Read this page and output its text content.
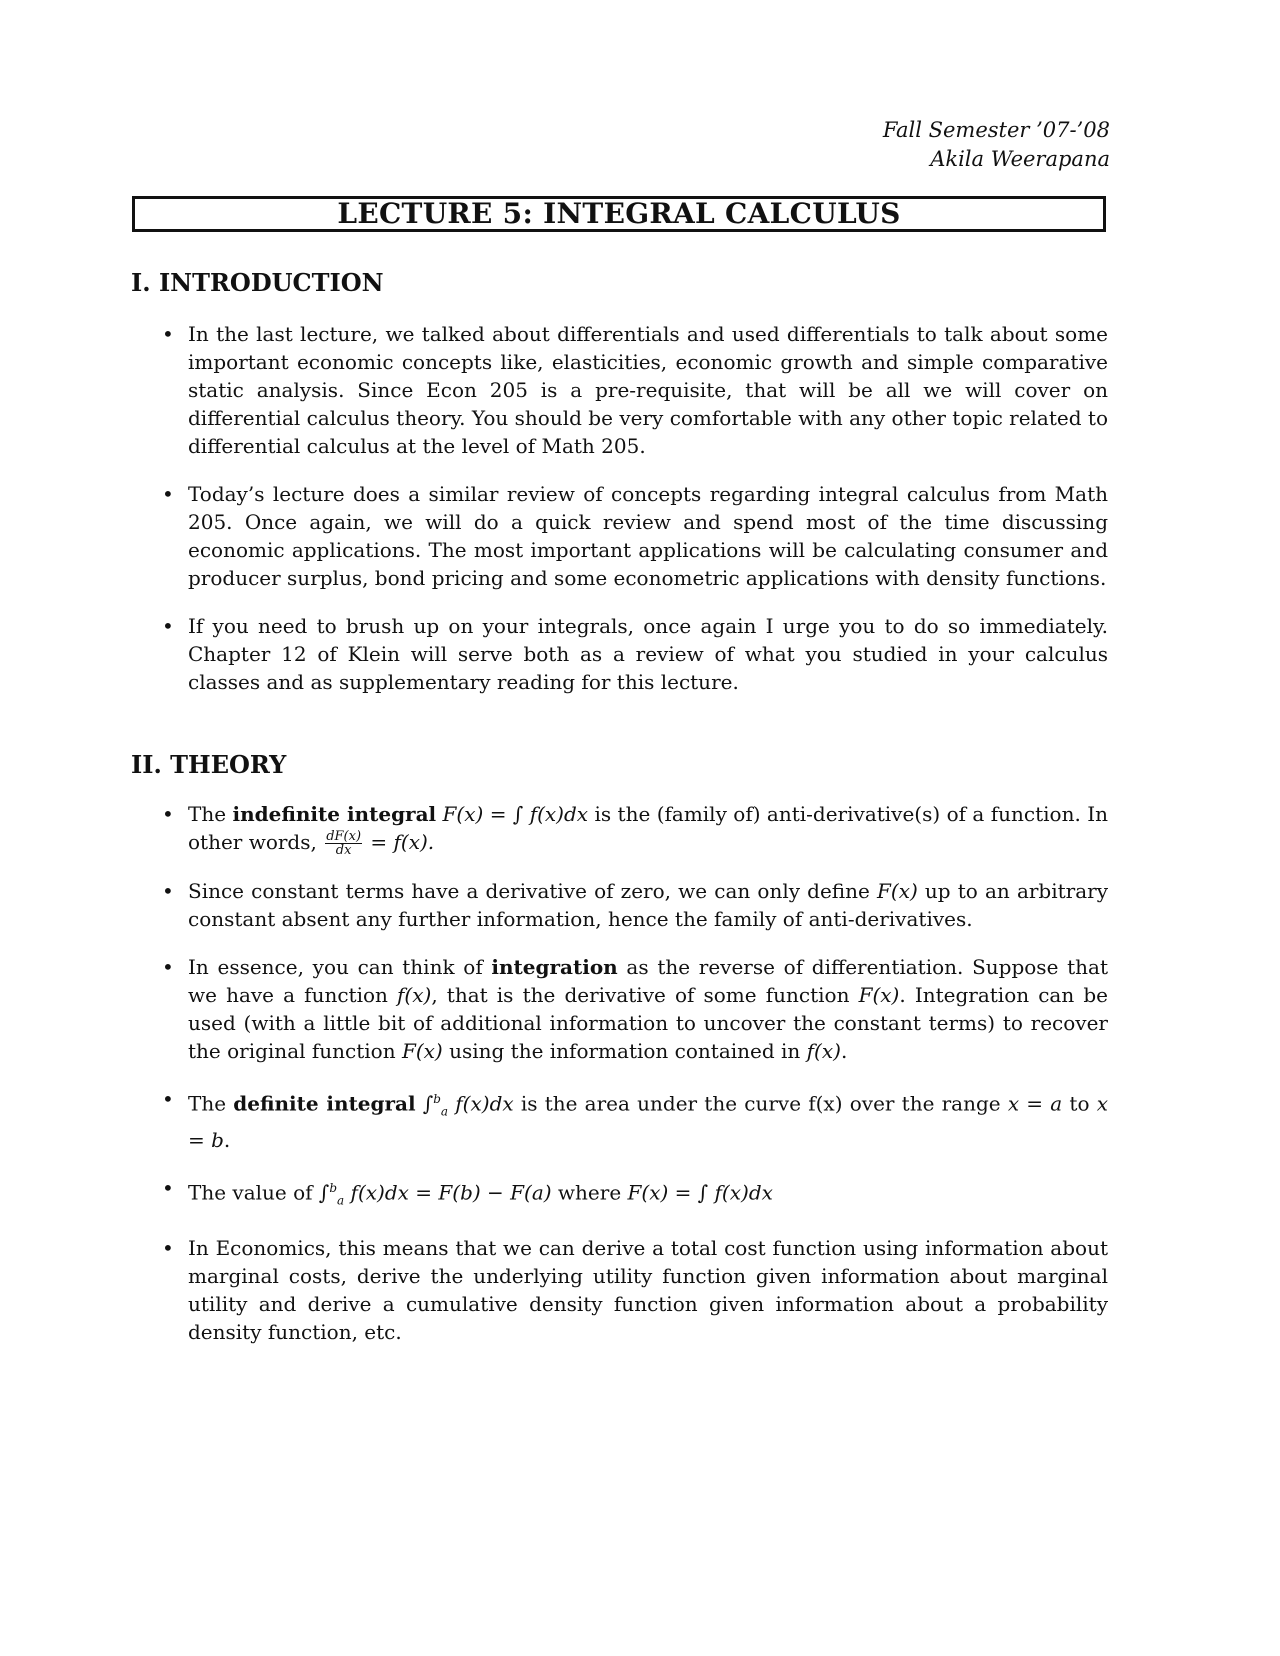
Fall Semester ’07-’08
Akila Weerapana
LECTURE 5: INTEGRAL CALCULUS
I. INTRODUCTION
• In the last lecture, we talked about differentials and used differentials to talk about some important economic concepts like, elasticities, economic growth and simple comparative static analysis. Since Econ 205 is a pre-requisite, that will be all we will cover on differential calculus theory. You should be very comfortable with any other topic related to differential calculus at the level of Math 205.
• Today’s lecture does a similar review of concepts regarding integral calculus from Math 205. Once again, we will do a quick review and spend most of the time discussing economic applications. The most important applications will be calculating consumer and producer surplus, bond pricing and some econometric applications with density functions.
• If you need to brush up on your integrals, once again I urge you to do so immediately. Chapter 12 of Klein will serve both as a review of what you studied in your calculus classes and as supplementary reading for this lecture.
II. THEORY
• The indefinite integral F(x) = ∫ f(x)dx is the (family of) anti-derivative(s) of a function. In other words, $\frac{dF(x)}{dx} = f(x)$.
• Since constant terms have a derivative of zero, we can only define F(x) up to an arbitrary constant absent any further information, hence the family of anti-derivatives.
• In essence, you can think of integration as the reverse of differentiation. Suppose that we have a function f(x), that is the derivative of some function F(x). Integration can be used (with a little bit of additional information to uncover the constant terms) to recover the original function F(x) using the information contained in f(x).
• The definite integral ∫$^b_a$ f(x)dx is the area under the curve f(x) over the range x = a to x = b.
• The value of ∫$^b_a$ f(x)dx = F(b) − F(a) where F(x) = ∫ f(x)dx
• In Economics, this means that we can derive a total cost function using information about marginal costs, derive the underlying utility function given information about marginal utility and derive a cumulative density function given information about a probability density function, etc.
